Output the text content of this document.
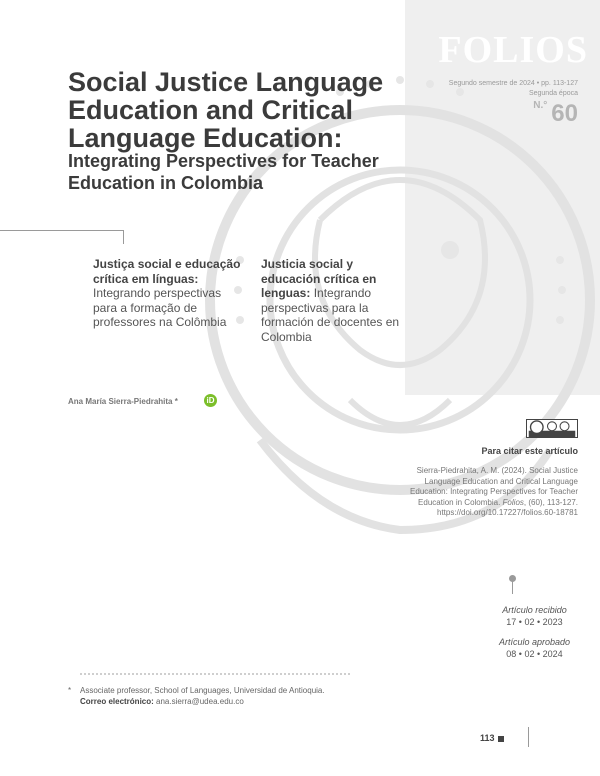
FOLIOS
Segundo semestre de 2024 • pp. 113-127
Segunda época
$^{N.^\circ}$ 60
Social Justice Language Education and Critical Language Education:
Integrating Perspectives for Teacher Education in Colombia
Justiça social e educação crítica em línguas:
Integrando perspectivas para a formação de professores na Colômbia
Justicia social y educación crítica en lenguas: Integrando perspectivas para la formación de docentes en Colombia
Ana María Sierra-Piedrahita *	iD
Para citar este artículo
Sierra-Piedrahita, A. M. (2024). Social Justice Language Education and Critical Language Education: Integrating Perspectives for Teacher Education in Colombia. Folios, (60), 113-127. https://doi.org/10.17227/folios.60-18781
Artículo recibido
17 • 02 • 2023
Artículo aprobado
08 • 02 • 2024
* Associate professor, School of Languages, Universidad de Antioquia.
Correo electrónico: ana.sierra@udea.edu.co
113
